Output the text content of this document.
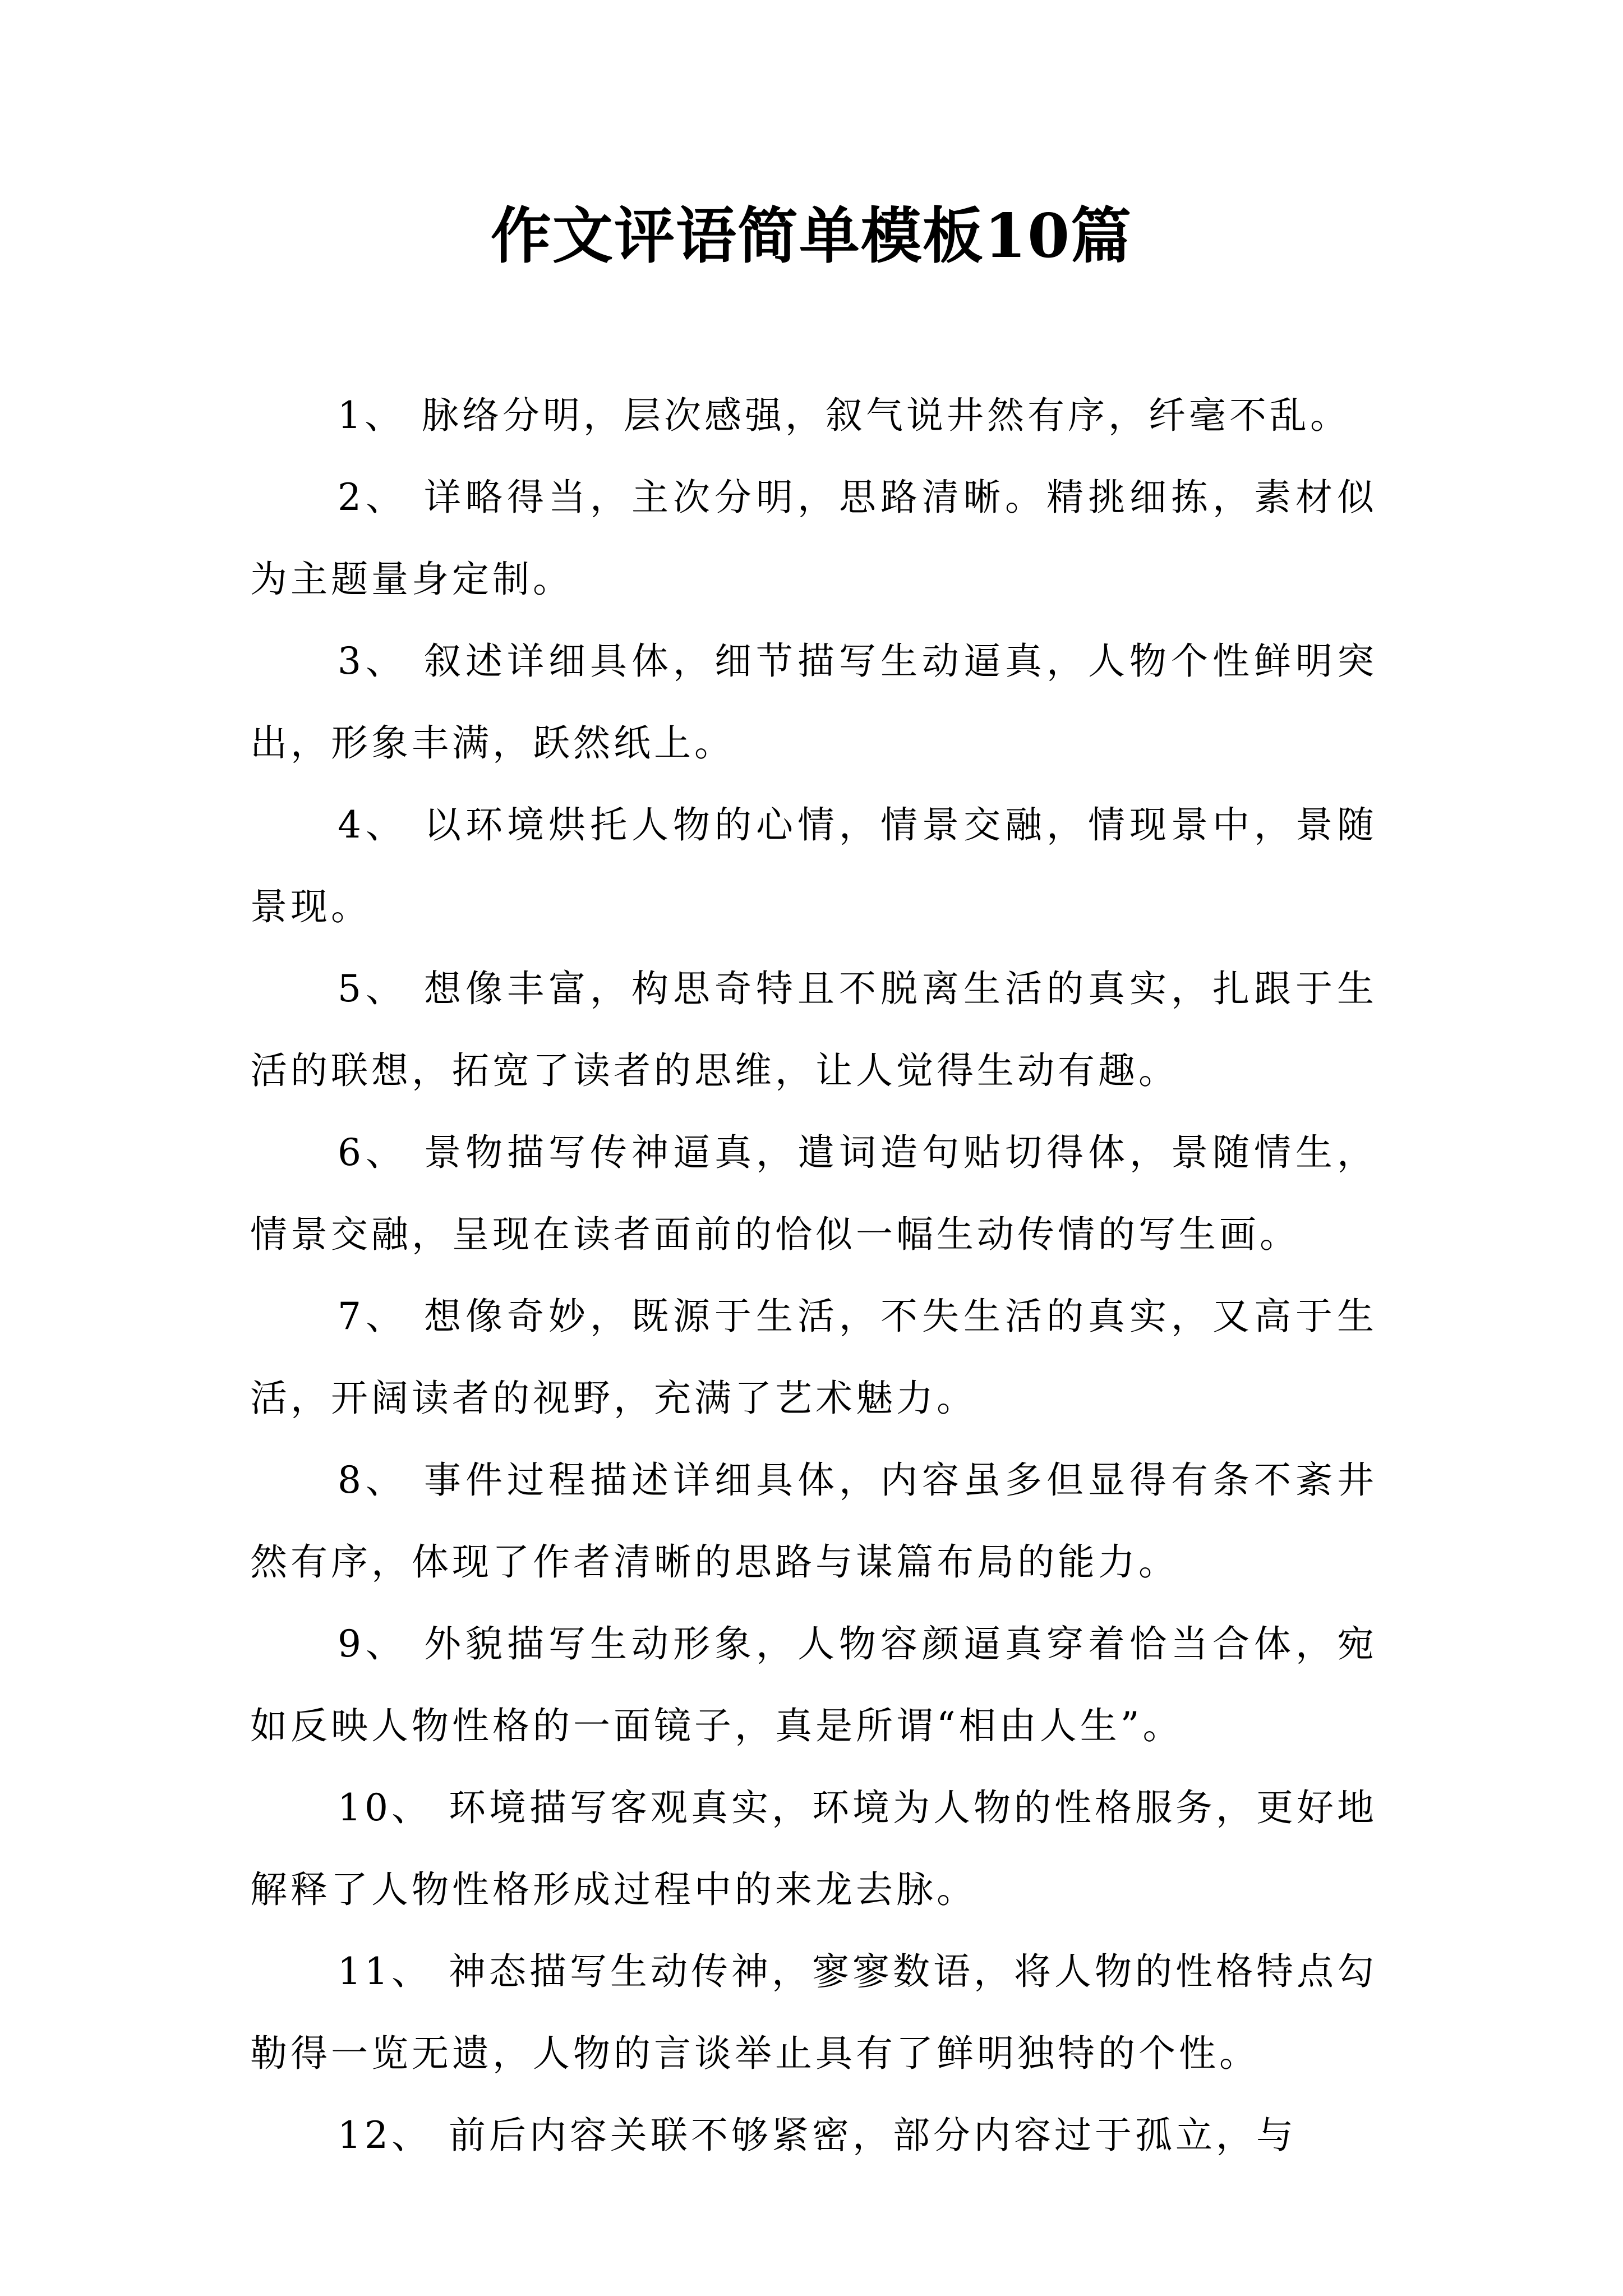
作文评语简单模板10篇

1、 脉络分明，层次感强，叙气说井然有序，纤毫不乱。

2、 详略得当，主次分明，思路清晰。精挑细拣，素材似为主题量身定制。

3、 叙述详细具体，细节描写生动逼真，人物个性鲜明突出，形象丰满，跃然纸上。

4、 以环境烘托人物的心情，情景交融，情现景中，景随景现。

5、 想像丰富，构思奇特且不脱离生活的真实，扎跟于生活的联想，拓宽了读者的思维，让人觉得生动有趣。

6、 景物描写传神逼真，遣词造句贴切得体，景随情生，情景交融，呈现在读者面前的恰似一幅生动传情的写生画。

7、 想像奇妙，既源于生活，不失生活的真实，又高于生活，开阔读者的视野，充满了艺术魅力。

8、 事件过程描述详细具体，内容虽多但显得有条不紊井然有序，体现了作者清晰的思路与谋篇布局的能力。

9、 外貌描写生动形象，人物容颜逼真穿着恰当合体，宛如反映人物性格的一面镜子，真是所谓“相由人生”。

10、 环境描写客观真实，环境为人物的性格服务，更好地解释了人物性格形成过程中的来龙去脉。

11、 神态描写生动传神，寥寥数语，将人物的性格特点勾勒得一览无遗，人物的言谈举止具有了鲜明独特的个性。

12、 前后内容关联不够紧密，部分内容过于孤立，与
